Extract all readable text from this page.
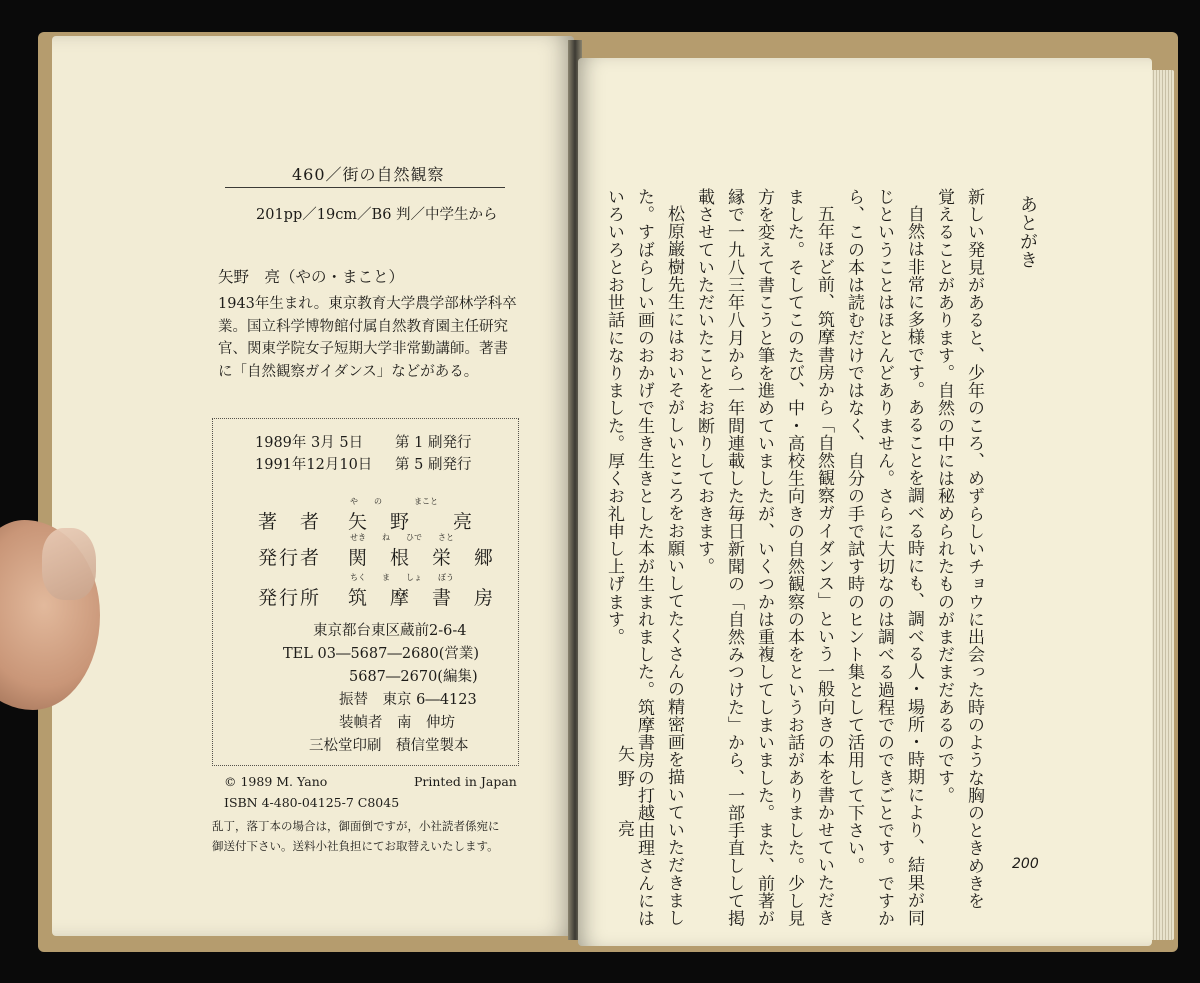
460／街の自然観察
201pp／19cm／B6 判／中学生から
矢野　亮（やの・まこと）
1943年生まれ。東京教育大学農学部林学科卒業。国立科学博物館付属自然教育園主任研究官、関東学院女子短期大学非常勤講師。著書に「自然観察ガイダンス」などがある。
1989年 3月 5日 第 1 刷発行
1991年12月10日 第 5 刷発行
著　者
や　　の　　　　まこと
矢　野　　亮
発行者
せき　　ね　　ひで　　さと
関　根　栄　郷
発行所
ちく　　ま　　しょ　　ぼう
筑　摩　書　房
東京都台東区蔵前2-6-4
TEL 03―5687―2680(営業)
5687―2670(編集)
振替　東京 6―4123
装幀者　南　伸坊
三松堂印刷　積信堂製本
© 1989 M. Yano	Printed in Japan
ISBN 4-480-04125-7 C8045
乱丁，落丁本の場合は，御面倒ですが，小社読者係宛に
御送付下さい。送料小社負担にてお取替えいたします。
あとがき
新しい発見があると、少年のころ、めずらしいチョウに出会った時のような胸のときめきを
覚えることがあります。自然の中には秘められたものがまだまだあるのです。
自然は非常に多様です。あることを調べる時にも、調べる人・場所・時期により、結果が同
じということはほとんどありません。さらに大切なのは調べる過程でのできごとです。ですか
ら、この本は読むだけではなく、自分の手で試す時のヒント集として活用して下さい。
五年ほど前、筑摩書房から「自然観察ガイダンス」という一般向きの本を書かせていただき
ました。そしてこのたび、中・高校生向きの自然観察の本をというお話がありました。少し見
方を変えて書こうと筆を進めていましたが、いくつかは重複してしまいました。また、前著が
縁で一九八三年八月から一年間連載した毎日新聞の「自然みつけた」から、一部手直しして掲
載させていただいたことをお断りしておきます。
松原巌樹先生にはおいそがしいところをお願いしてたくさんの精密画を描いていただきまし
た。すばらしい画のおかげで生き生きとした本が生まれました。筑摩書房の打越由理さんには
いろいろとお世話になりました。厚くお礼申し上げます。
矢野　亮
200
